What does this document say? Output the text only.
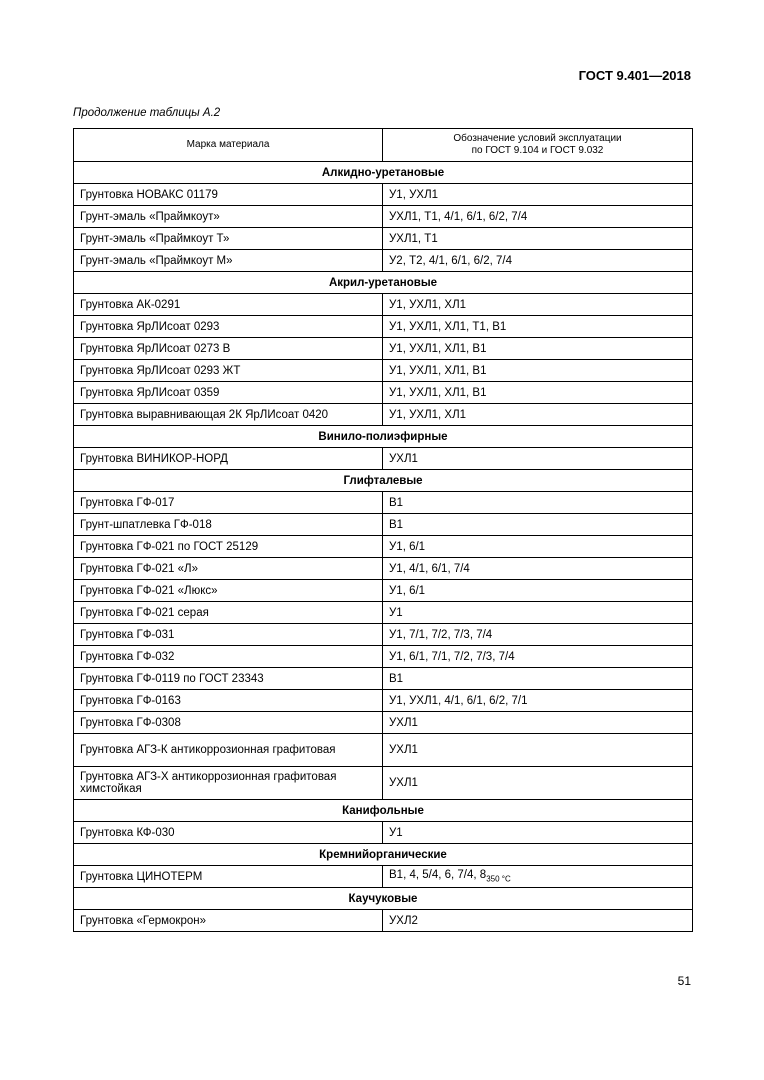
ГОСТ 9.401—2018
Продолжение таблицы А.2
Марка материала	Обозначение условий эксплуатации
по ГОСТ 9.104 и ГОСТ 9.032
Алкидно-уретановые	
Грунтовка НОВАКС 01179	У1, УХЛ1
Грунт-эмаль «Праймкоут»	УХЛ1, Т1, 4/1, 6/1, 6/2, 7/4
Грунт-эмаль «Праймкоут Т»	УХЛ1, Т1
Грунт-эмаль «Праймкоут М»	У2, Т2, 4/1, 6/1, 6/2, 7/4
Акрил-уретановые	
Грунтовка АК-0291	У1, УХЛ1, ХЛ1
Грунтовка ЯрЛИсоат 0293	У1, УХЛ1, ХЛ1, Т1, В1
Грунтовка ЯрЛИсоат 0273 В	У1, УХЛ1, ХЛ1, В1
Грунтовка ЯрЛИсоат 0293 ЖТ	У1, УХЛ1, ХЛ1, В1
Грунтовка ЯрЛИсоат 0359	У1, УХЛ1, ХЛ1, В1
Грунтовка выравнивающая 2К ЯрЛИсоат 0420	У1, УХЛ1, ХЛ1
Винило-полиэфирные	
Грунтовка ВИНИКОР-НОРД	УХЛ1
Глифталевые	
Грунтовка ГФ-017	В1
Грунт-шпатлевка ГФ-018	В1
Грунтовка ГФ-021 по ГОСТ 25129	У1, 6/1
Грунтовка ГФ-021 «Л»	У1, 4/1, 6/1, 7/4
Грунтовка ГФ-021 «Люкс»	У1, 6/1
Грунтовка ГФ-021 серая	У1
Грунтовка ГФ-031	У1, 7/1, 7/2, 7/3, 7/4
Грунтовка ГФ-032	У1, 6/1, 7/1, 7/2, 7/3, 7/4
Грунтовка ГФ-0119 по ГОСТ 23343	В1
Грунтовка ГФ-0163	У1, УХЛ1, 4/1, 6/1, 6/2, 7/1
Грунтовка ГФ-0308	УХЛ1
Грунтовка АГЗ-К антикоррозионная графитовая	УХЛ1
Грунтовка АГЗ-Х антикоррозионная графитовая химстойкая	УХЛ1
Канифольные	
Грунтовка КФ-030	У1
Кремнийорганические	
Грунтовка ЦИНОТЕРМ	В1, 4, 5/4, 6, 7/4, $8_{350 ^\circ С}$
Каучуковые	
Грунтовка «Гермокрон»	УХЛ2
51
